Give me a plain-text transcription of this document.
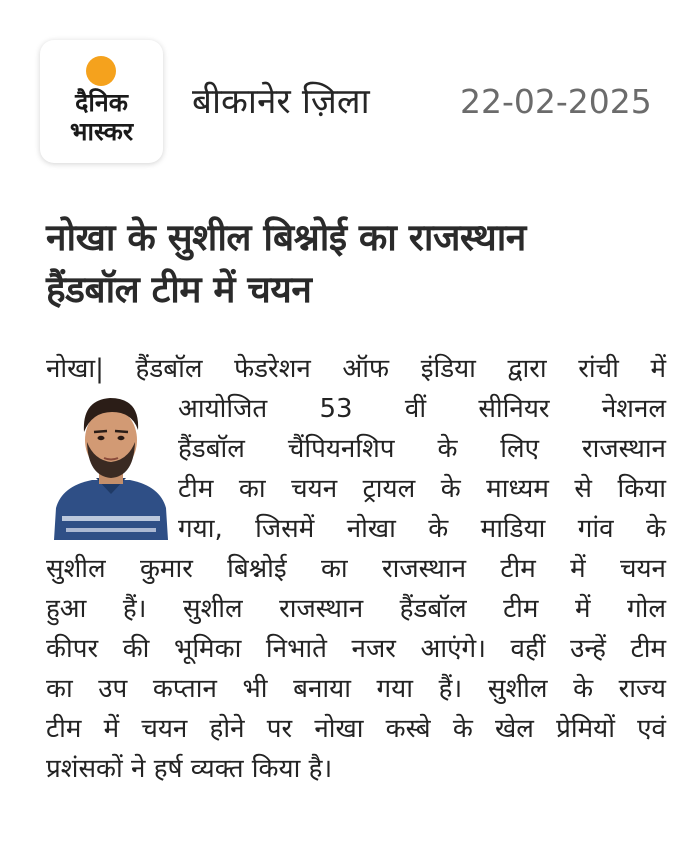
दैनिक
भास्कर
बीकानेर ज़िला	22-02-2025
नोखा के सुशील बिश्नोई का राजस्थान
हैंडबॉल टीम में चयन
नोखा| हैंडबॉल फेडरेशन ऑफ इंडिया द्वारा रांची में
आयोजित 53 वीं सीनियर नेशनल
हैंडबॉल चैंपियनशिप के लिए राजस्थान
टीम का चयन ट्रायल के माध्यम से किया
गया, जिसमें नोखा के माडिया गांव के
सुशील कुमार बिश्नोई का राजस्थान टीम में चयन
हुआ हैं। सुशील राजस्थान हैंडबॉल टीम में गोल
कीपर की भूमिका निभाते नजर आएंगे। वहीं उन्हें टीम
का उप कप्तान भी बनाया गया हैं। सुशील के राज्य
टीम में चयन होने पर नोखा कस्बे के खेल प्रेमियों एवं
प्रशंसकों ने हर्ष व्यक्त किया है।
